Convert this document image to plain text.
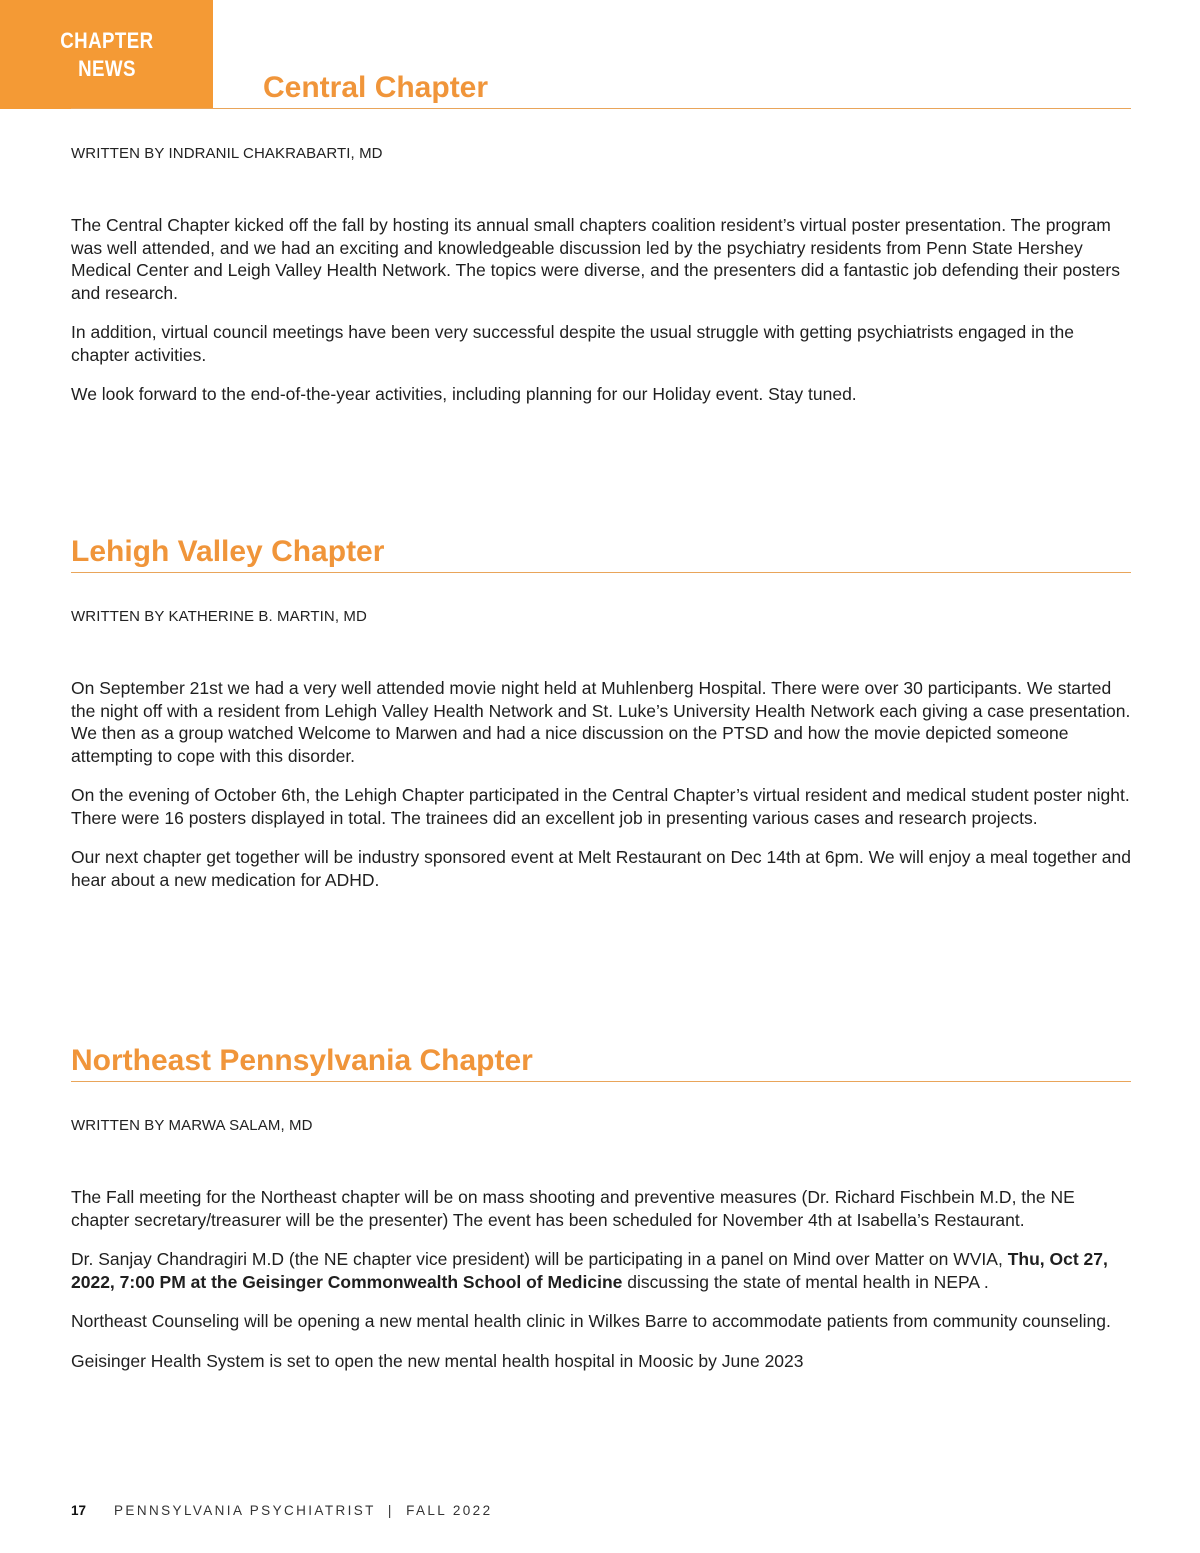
CHAPTER
NEWS
Central Chapter

WRITTEN BY INDRANIL CHAKRABARTI, MD

The Central Chapter kicked off the fall by hosting its annual small chapters coalition resident’s virtual poster presentation. The program was well attended, and we had an exciting and knowledgeable discussion led by the psychiatry residents from Penn State Hershey Medical Center and Leigh Valley Health Network. The topics were diverse, and the presenters did a fantastic job defending their posters and research.

In addition, virtual council meetings have been very successful despite the usual struggle with getting psychiatrists engaged in the chapter activities.

We look forward to the end-of-the-year activities, including planning for our Holiday event. Stay tuned.

Lehigh Valley Chapter

WRITTEN BY KATHERINE B. MARTIN, MD

On September 21st we had a very well attended movie night held at Muhlenberg Hospital. There were over 30 participants. We started the night off with a resident from Lehigh Valley Health Network and St. Luke’s University Health Network each giving a case presentation. We then as a group watched Welcome to Marwen and had a nice discussion on the PTSD and how the movie depicted someone attempting to cope with this disorder.

On the evening of October 6th, the Lehigh Chapter participated in the Central Chapter’s virtual resident and medical student poster night. There were 16 posters displayed in total. The trainees did an excellent job in presenting various cases and research projects.

Our next chapter get together will be industry sponsored event at Melt Restaurant on Dec 14th at 6pm. We will enjoy a meal together and hear about a new medication for ADHD.

Northeast Pennsylvania Chapter

WRITTEN BY MARWA SALAM, MD

The Fall meeting for the Northeast chapter will be on mass shooting and preventive measures (Dr. Richard Fischbein M.D, the NE chapter secretary/treasurer will be the presenter) The event has been scheduled for November 4th at Isabella’s Restaurant.

Dr. Sanjay Chandragiri M.D (the NE chapter vice president) will be participating in a panel on Mind over Matter on WVIA, Thu, Oct 27, 2022, 7:00 PM at the Geisinger Commonwealth School of Medicine discussing the state of mental health in NEPA .

Northeast Counseling will be opening a new mental health clinic in Wilkes Barre to accommodate patients from community counseling.

Geisinger Health System is set to open the new mental health hospital in Moosic by June 2023

17 PENNSYLVANIA PSYCHIATRIST  |  FALL 2022
